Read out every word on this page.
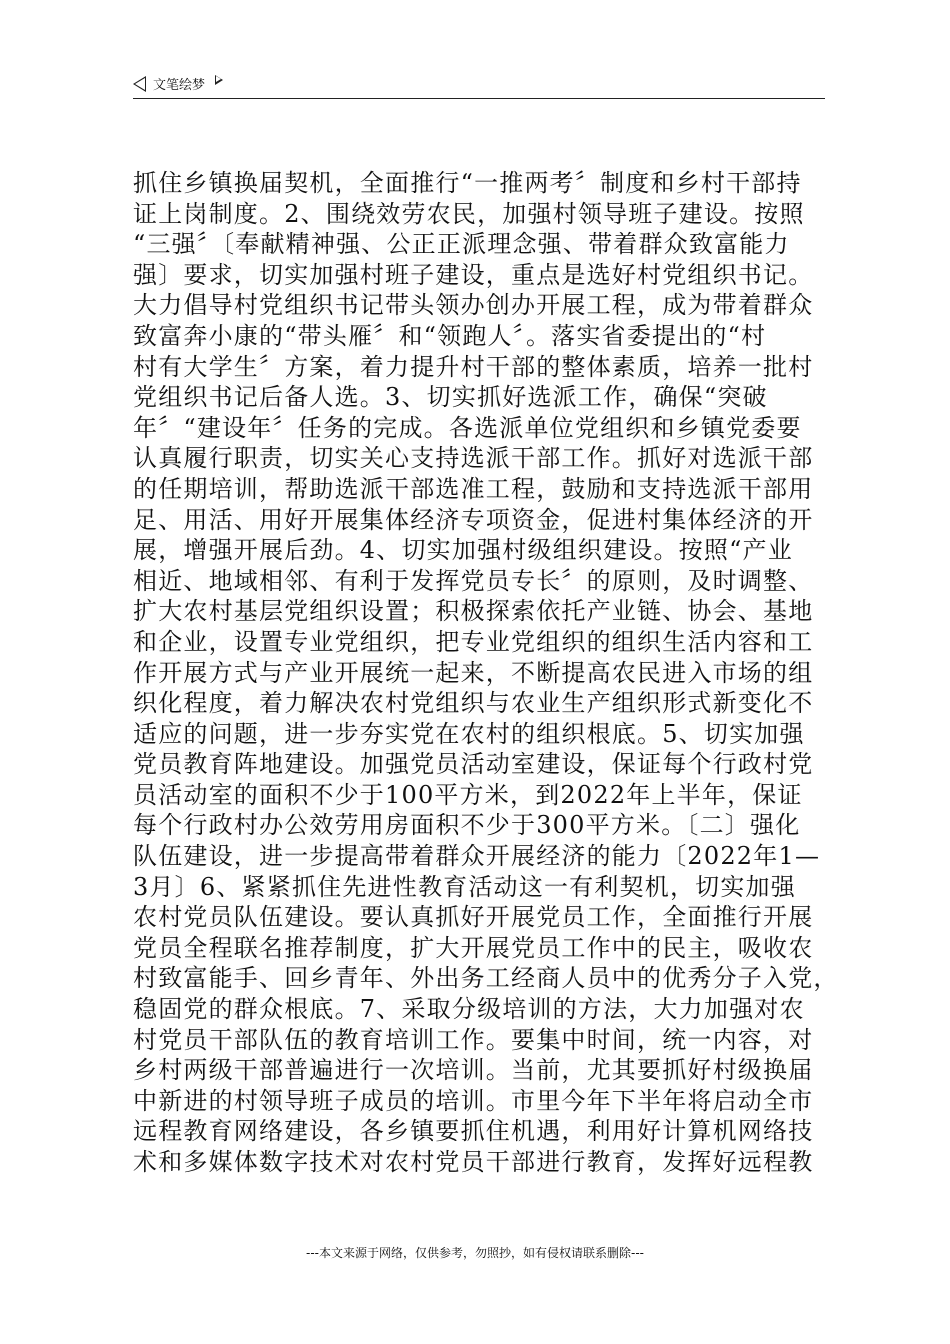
文笔绘梦
抓住乡镇换届契机，全面推行“一推两考〞制度和乡村干部持
证上岗制度。2、围绕效劳农民，加强村领导班子建设。按照
“三强〞〔奉献精神强、公正正派理念强、带着群众致富能力
强〕要求，切实加强村班子建设，重点是选好村党组织书记。
大力倡导村党组织书记带头领办创办开展工程，成为带着群众
致富奔小康的“带头雁〞和“领跑人〞。落实省委提出的“村
村有大学生〞方案，着力提升村干部的整体素质，培养一批村
党组织书记后备人选。3、切实抓好选派工作，确保“突破
年〞“建设年〞任务的完成。各选派单位党组织和乡镇党委要
认真履行职责，切实关心支持选派干部工作。抓好对选派干部
的任期培训，帮助选派干部选准工程，鼓励和支持选派干部用
足、用活、用好开展集体经济专项资金，促进村集体经济的开
展，增强开展后劲。4、切实加强村级组织建设。按照“产业
相近、地域相邻、有利于发挥党员专长〞的原则，及时调整、
扩大农村基层党组织设置；积极探索依托产业链、协会、基地
和企业，设置专业党组织，把专业党组织的组织生活内容和工
作开展方式与产业开展统一起来，不断提高农民进入市场的组
织化程度，着力解决农村党组织与农业生产组织形式新变化不
适应的问题，进一步夯实党在农村的组织根底。5、切实加强
党员教育阵地建设。加强党员活动室建设，保证每个行政村党
员活动室的面积不少于100平方米，到2022年上半年，保证
每个行政村办公效劳用房面积不少于300平方米。〔二〕强化
队伍建设，进一步提高带着群众开展经济的能力〔2022年1—
3月〕6、紧紧抓住先进性教育活动这一有利契机，切实加强
农村党员队伍建设。要认真抓好开展党员工作，全面推行开展
党员全程联名推荐制度，扩大开展党员工作中的民主，吸收农
村致富能手、回乡青年、外出务工经商人员中的优秀分子入党，
稳固党的群众根底。7、采取分级培训的方法，大力加强对农
村党员干部队伍的教育培训工作。要集中时间，统一内容，对
乡村两级干部普遍进行一次培训。当前，尤其要抓好村级换届
中新进的村领导班子成员的培训。市里今年下半年将启动全市
远程教育网络建设，各乡镇要抓住机遇，利用好计算机网络技
术和多媒体数字技术对农村党员干部进行教育，发挥好远程教
---本文来源于网络，仅供参考，勿照抄，如有侵权请联系删除---
